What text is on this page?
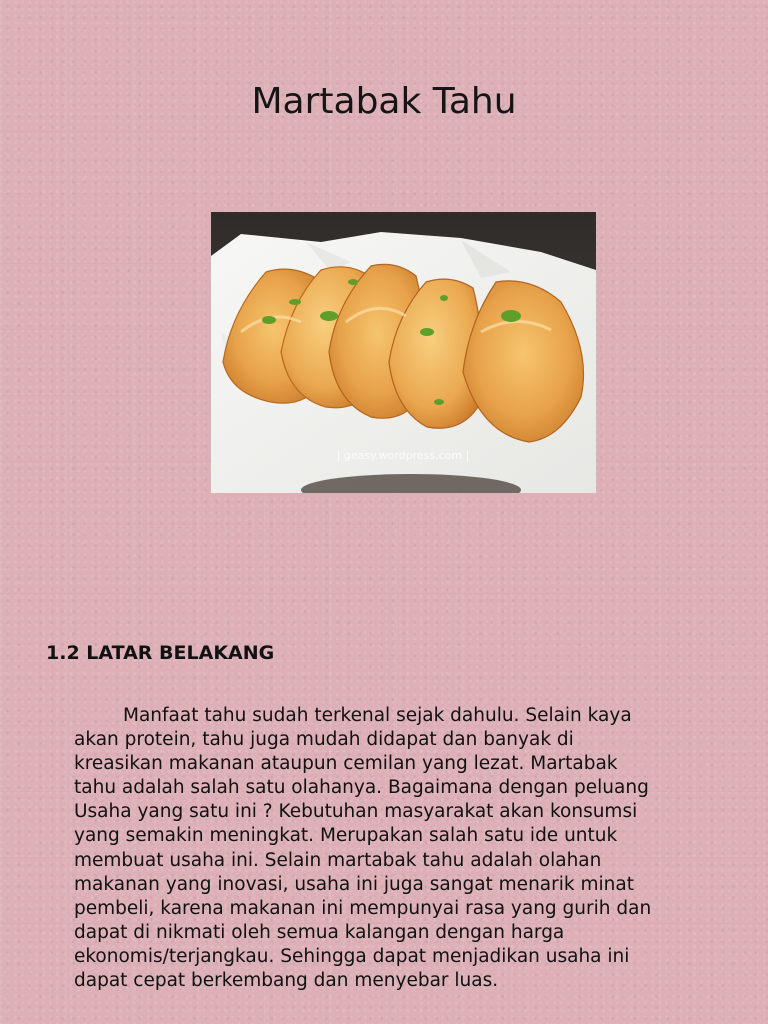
Martabak Tahu
| geasy.wordpress.com |
1.2 LATAR BELAKANG

Manfaat tahu sudah terkenal sejak dahulu. Selain kaya
akan protein, tahu juga mudah didapat dan banyak di
kreasikan makanan ataupun cemilan yang lezat. Martabak
tahu adalah salah satu olahanya. Bagaimana dengan peluang
Usaha yang satu ini ? Kebutuhan masyarakat akan konsumsi
yang semakin meningkat. Merupakan salah satu ide untuk
membuat usaha ini. Selain martabak tahu adalah olahan
makanan yang inovasi, usaha ini juga sangat menarik minat
pembeli, karena makanan ini mempunyai rasa yang gurih dan
dapat di nikmati oleh semua kalangan dengan harga
ekonomis/terjangkau. Sehingga dapat menjadikan usaha ini
dapat cepat berkembang dan menyebar luas.
